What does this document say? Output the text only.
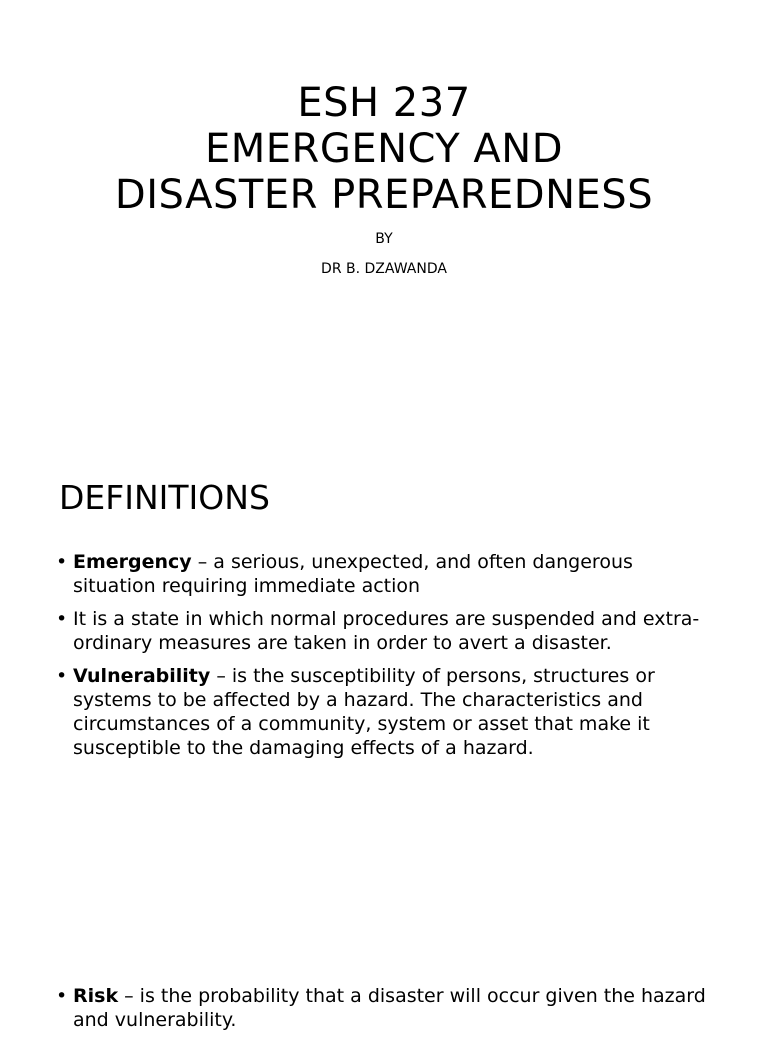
ESH 237
EMERGENCY AND
DISASTER PREPAREDNESS
BY
DR B. DZAWANDA
DEFINITIONS
• Emergency – a serious, unexpected, and often dangerous situation requiring immediate action
• It is a state in which normal procedures are suspended and extra-ordinary measures are taken in order to avert a disaster.
• Vulnerability – is the susceptibility of persons, structures or systems to be affected by a hazard. The characteristics and circumstances of a community, system or asset that make it susceptible to the damaging effects of a hazard.
• Risk – is the probability that a disaster will occur given the hazard and vulnerability.
